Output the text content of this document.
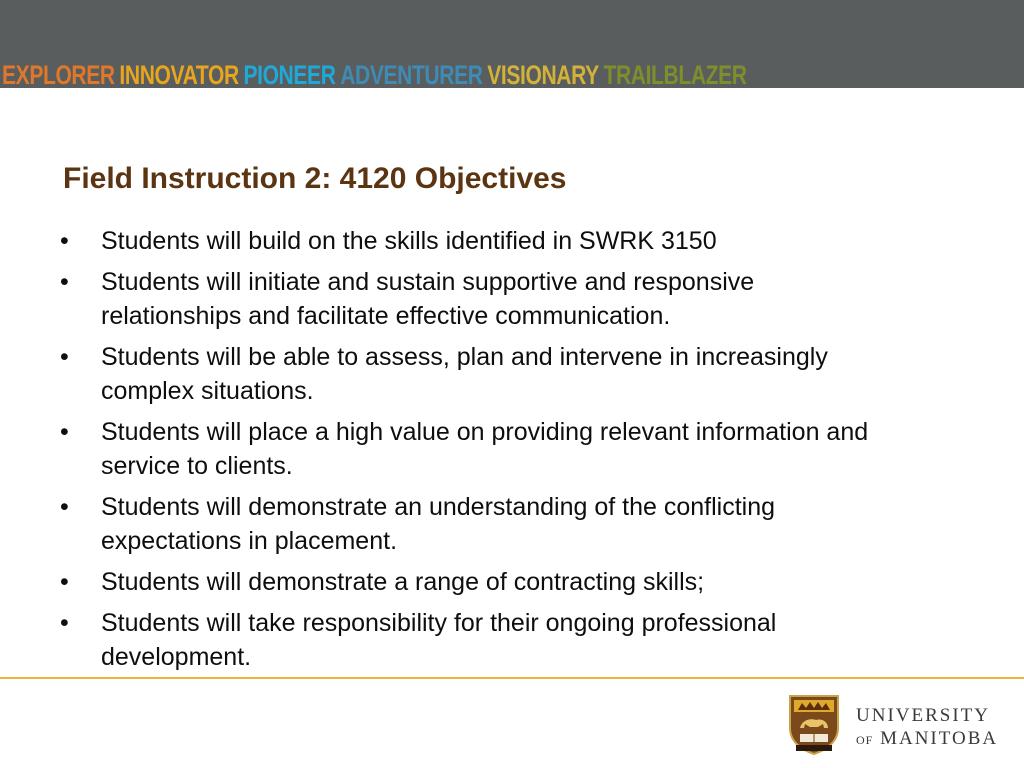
EXPLORER INNOVATOR PIONEER ADVENTURER VISIONARY TRAILBLAZER
Field Instruction 2: 4120 Objectives
• Students will build on the skills identified in SWRK 3150
• Students will initiate and sustain supportive and responsive relationships and facilitate effective communication.
• Students will be able to assess, plan and intervene in increasingly complex situations.
• Students will place a high value on providing relevant information and service to clients.
• Students will demonstrate an understanding of the conflicting expectations in placement.
• Students will demonstrate a range of contracting skills;
• Students will take responsibility for their ongoing professional development.
UNIVERSITY
OF MANITOBA
